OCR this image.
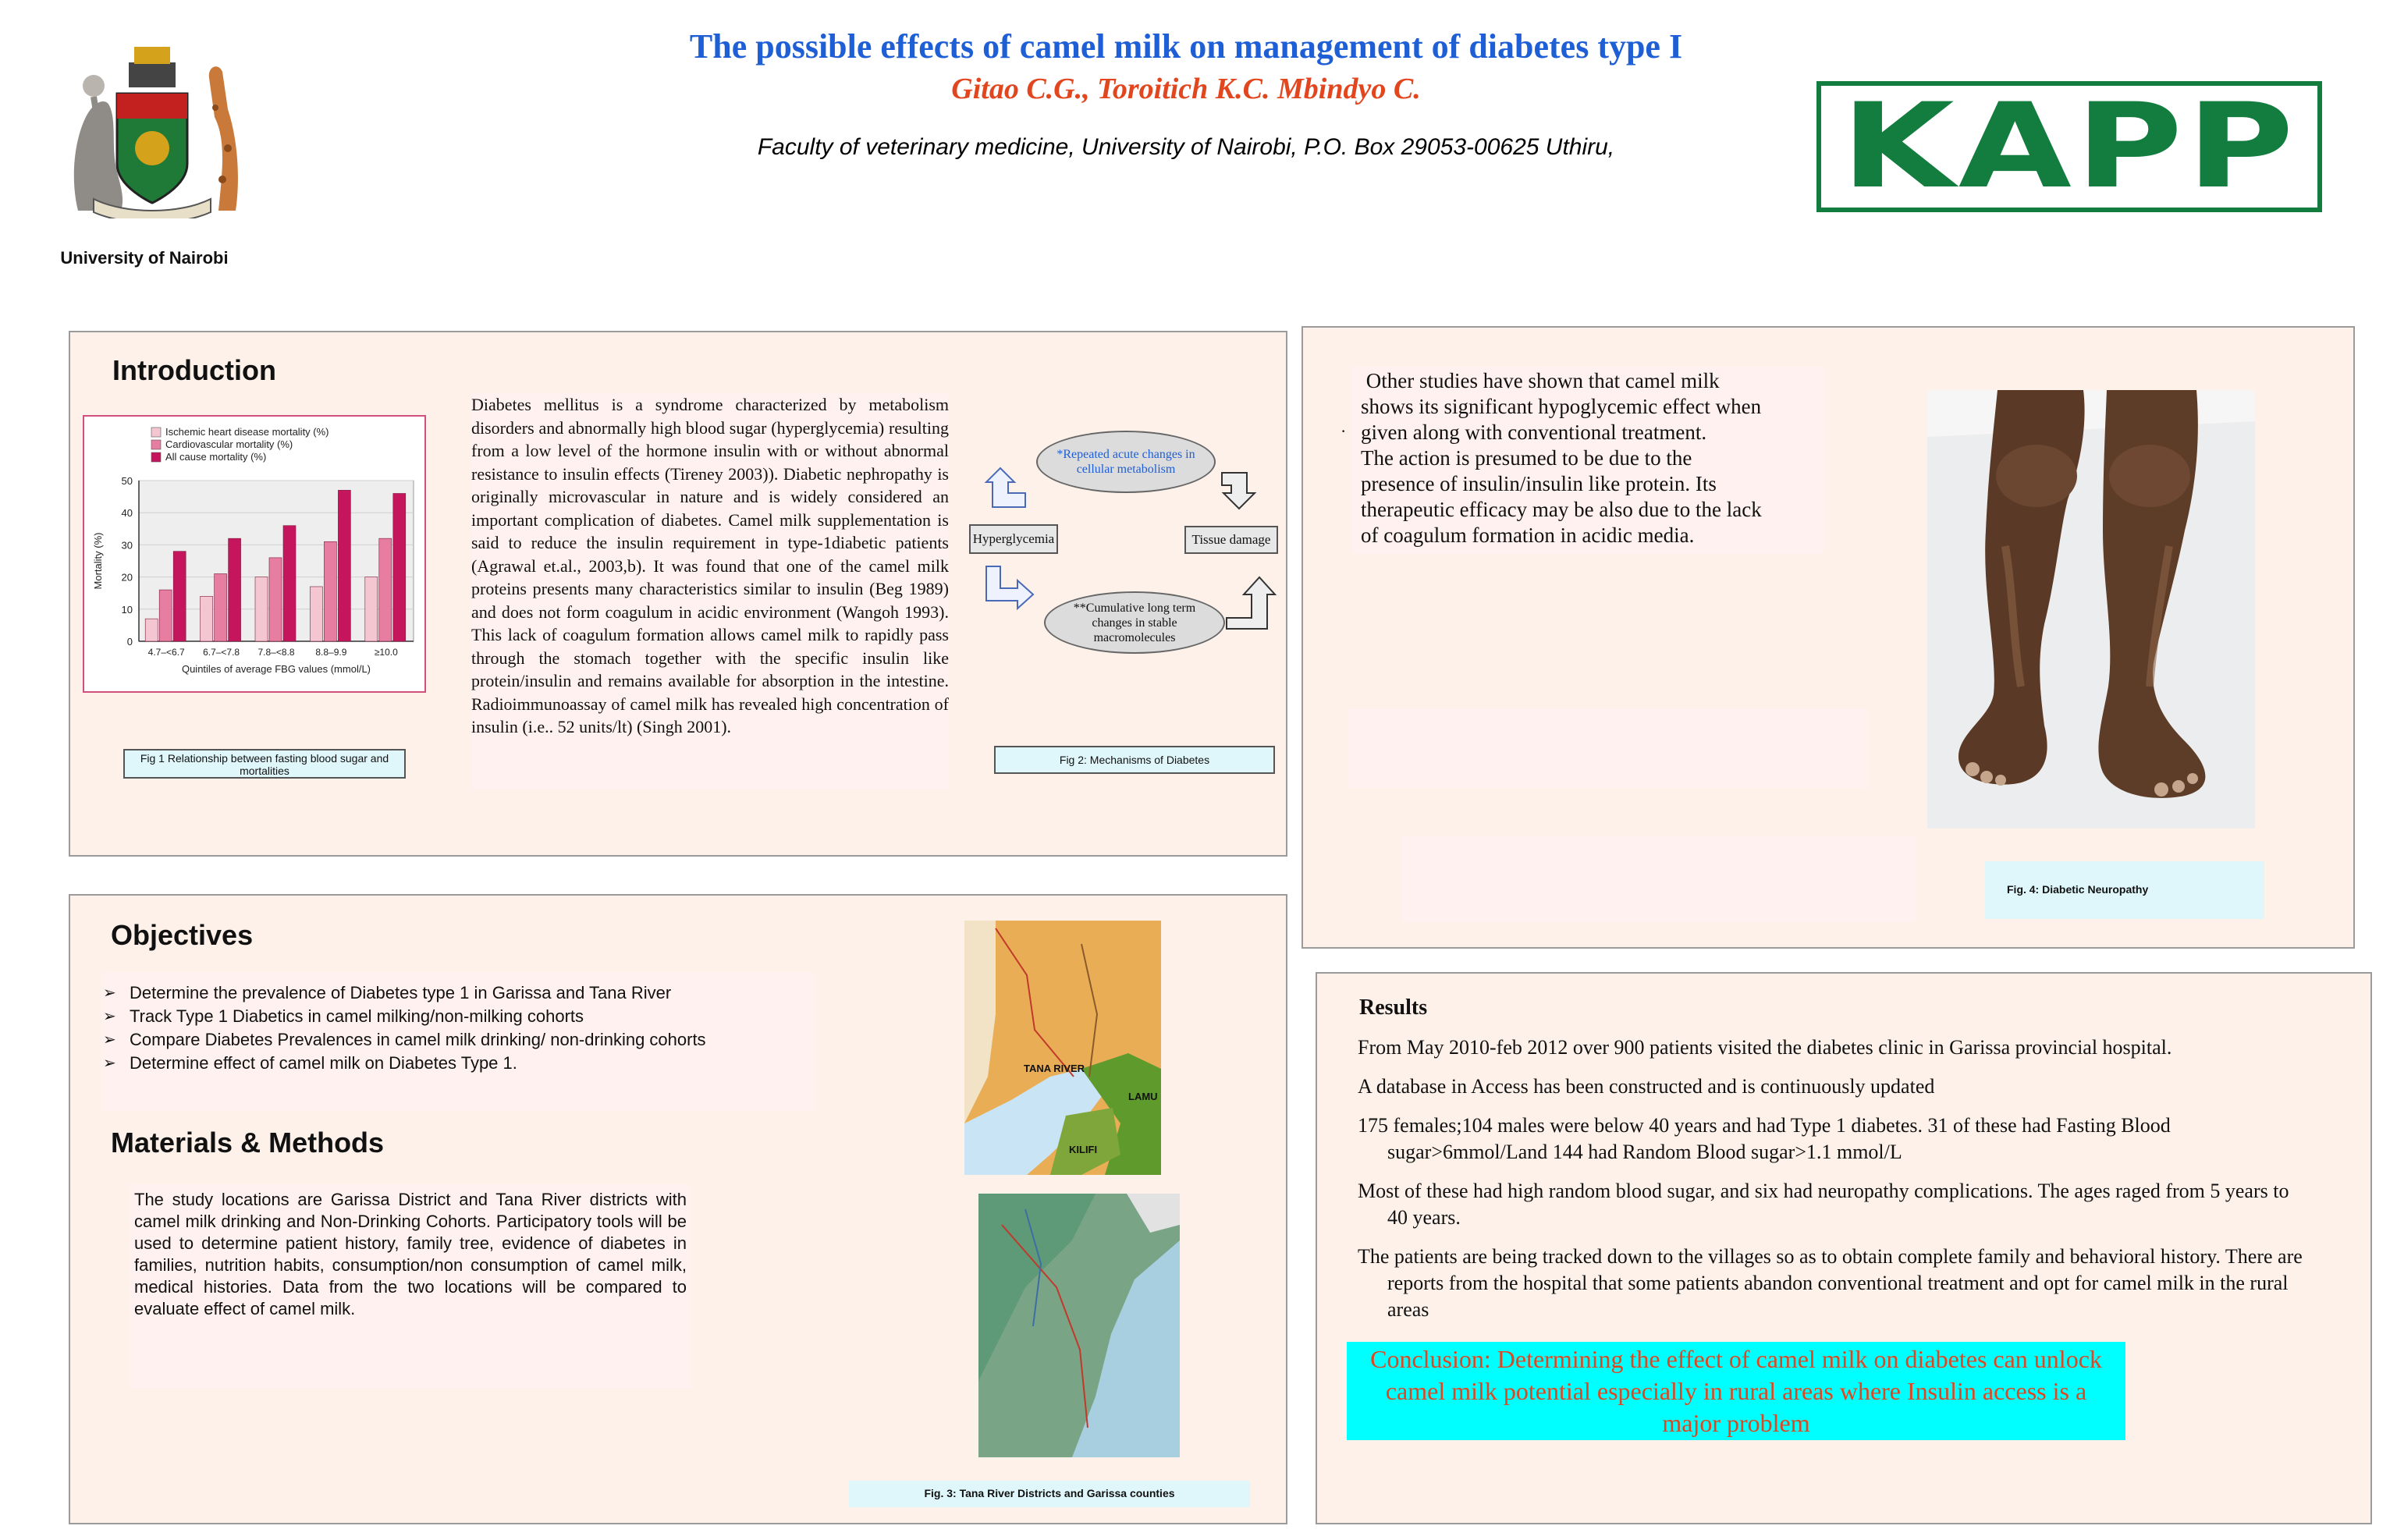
The possible effects of camel milk on management of diabetes type I
Gitao C.G., Toroitich K.C. Mbindyo C.
Faculty of veterinary medicine, University of Nairobi, P.O. Box 29053-00625 Uthiru,
University of Nairobi
KAPP
Introduction
0
10
20
30
40
50
4.7–<6.7 6.7–<7.8 7.8–<8.8 8.8–9.9	≥10.0
Quintiles of average FBG values (mmol/L)
Mortality (%)
Ischemic heart disease mortality (%)
Cardiovascular mortality (%)
All cause mortality (%)
Fig 1 Relationship between fasting blood sugar and mortalities
Diabetes mellitus is a syndrome characterized by metabolism disorders and abnormally high blood sugar (hyperglycemia) resulting from a low level of the hormone insulin with or without abnormal resistance to insulin effects (Tireney 2003)). Diabetic nephropathy is originally microvascular in nature and is widely considered an important complication of diabetes. Camel milk supplementation is said to reduce the insulin requirement in type-1diabetic patients (Agrawal et.al., 2003,b). It was found that one of the camel milk proteins presents many characteristics similar to insulin (Beg 1989) and does not form coagulum in acidic environment (Wangoh 1993). This lack of coagulum formation allows camel milk to rapidly pass through the stomach together with the specific insulin like protein/insulin and remains available for absorption in the intestine. Radioimmunoassay of camel milk has revealed high concentration of insulin (i.e.. 52 units/lt) (Singh 2001).
*Repeated acute changes in cellular metabolism
Hyperglycemia	Tissue damage
**Cumulative long term changes in stable macromolecules
Fig 2: Mechanisms of Diabetes
·
Other studies have shown that camel milk
shows its significant hypoglycemic effect when
given along with conventional treatment.
The action is presumed to be due to the
presence of insulin/insulin like protein. Its
therapeutic efficacy may be also due to the lack
of coagulum formation in acidic media.
Fig. 4: Diabetic Neuropathy
Objectives
➢ Determine the prevalence of Diabetes type 1 in Garissa and Tana River
➢ Track Type 1 Diabetics in camel milking/non-milking cohorts
➢ Compare Diabetes Prevalences in camel milk drinking/ non-drinking cohorts
➢ Determine effect of camel milk on Diabetes Type 1.
Materials & Methods
The study locations are Garissa District and Tana River districts with camel milk drinking and Non-Drinking Cohorts. Participatory tools will be used to determine patient history, family tree, evidence of diabetes in families, nutrition habits, consumption/non consumption of camel milk, medical histories. Data from the two locations will be compared to evaluate effect of camel milk.
TANA RIVER
LAMU
KILIFI
Fig. 3: Tana River Districts and Garissa counties
Results

From May 2010-feb 2012 over 900 patients visited the diabetes clinic in Garissa provincial hospital.

A database in Access has been constructed and is continuously updated

175 females;104 males were below 40 years and had Type 1 diabetes. 31 of these had Fasting Blood sugar>6mmol/Land 144 had Random Blood sugar>1.1 mmol/L

Most of these had high random blood sugar, and six had neuropathy complications. The ages raged from 5 years to 40 years.

The patients are being tracked down to the villages so as to obtain complete family and behavioral history. There are reports from the hospital that some patients abandon conventional treatment and opt for camel milk in the rural areas

Conclusion: Determining the effect of camel milk on diabetes can unlock camel milk potential especially in rural areas where Insulin access is a major problem
